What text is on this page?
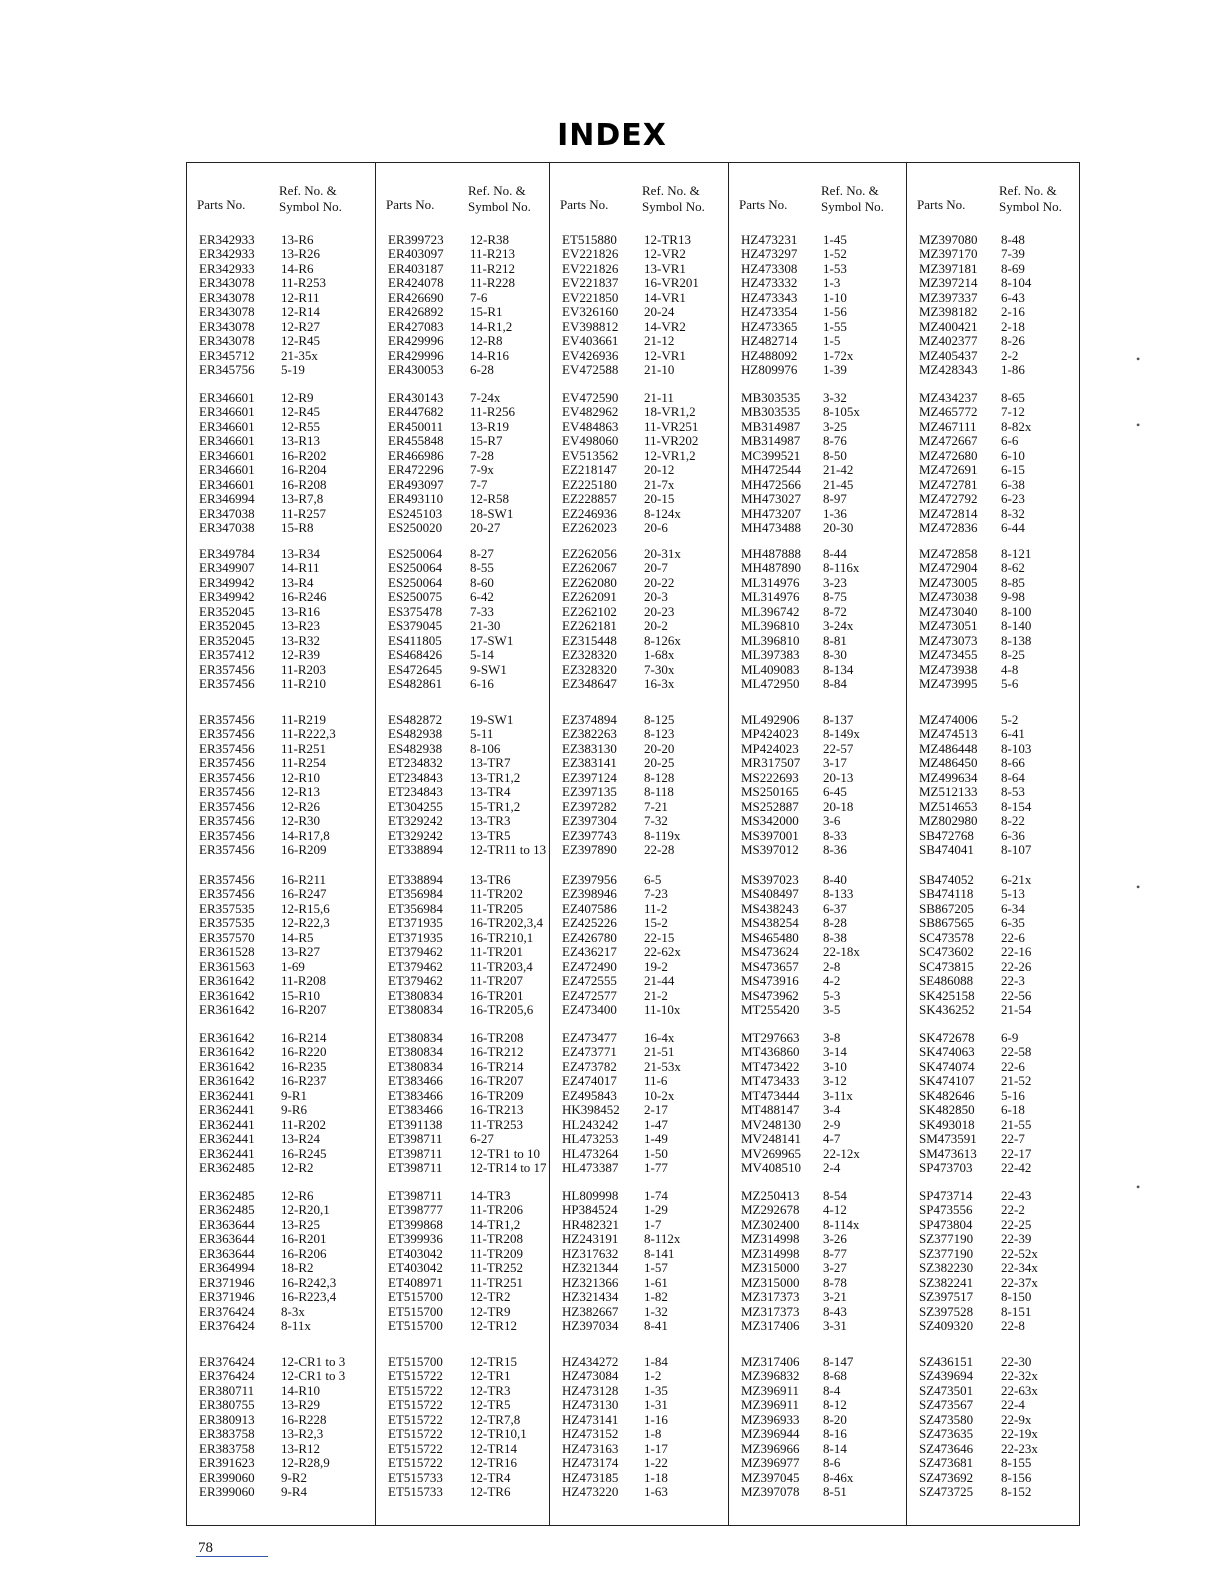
INDEX
Parts No.
Ref. No. &
Symbol No.
ER342933 13-R6
ER342933 13-R26
ER342933 14-R6
ER343078 11-R253
ER343078 12-R11
ER343078 12-R14
ER343078 12-R27
ER343078 12-R45
ER345712 21-35x
ER345756 5-19
ER346601 12-R9
ER346601 12-R45
ER346601 12-R55
ER346601 13-R13
ER346601 16-R202
ER346601 16-R204
ER346601 16-R208
ER346994 13-R7,8
ER347038 11-R257
ER347038 15-R8
ER349784 13-R34
ER349907 14-R11
ER349942 13-R4
ER349942 16-R246
ER352045 13-R16
ER352045 13-R23
ER352045 13-R32
ER357412 12-R39
ER357456 11-R203
ER357456 11-R210
ER357456 11-R219
ER357456 11-R222,3
ER357456 11-R251
ER357456 11-R254
ER357456 12-R10
ER357456 12-R13
ER357456 12-R26
ER357456 12-R30
ER357456 14-R17,8
ER357456 16-R209
ER357456 16-R211
ER357456 16-R247
ER357535 12-R15,6
ER357535 12-R22,3
ER357570 14-R5
ER361528 13-R27
ER361563 1-69
ER361642 11-R208
ER361642 15-R10
ER361642 16-R207
ER361642 16-R214
ER361642 16-R220
ER361642 16-R235
ER361642 16-R237
ER362441 9-R1
ER362441 9-R6
ER362441 11-R202
ER362441 13-R24
ER362441 16-R245
ER362485 12-R2
ER362485 12-R6
ER362485 12-R20,1
ER363644 13-R25
ER363644 16-R201
ER363644 16-R206
ER364994 18-R2
ER371946 16-R242,3
ER371946 16-R223,4
ER376424 8-3x
ER376424 8-11x
ER376424 12-CR1 to 3
ER376424 12-CR1 to 3
ER380711 14-R10
ER380755 13-R29
ER380913 16-R228
ER383758 13-R2,3
ER383758 13-R12
ER391623 12-R28,9
ER399060 9-R2
ER399060 9-R4
Parts No.
Ref. No. &
Symbol No.
ER399723 12-R38
ER403097 11-R213
ER403187 11-R212
ER424078 11-R228
ER426690 7-6
ER426892 15-R1
ER427083 14-R1,2
ER429996 12-R8
ER429996 14-R16
ER430053 6-28
ER430143 7-24x
ER447682 11-R256
ER450011 13-R19
ER455848 15-R7
ER466986 7-28
ER472296 7-9x
ER493097 7-7
ER493110 12-R58
ES245103 18-SW1
ES250020 20-27
ES250064 8-27
ES250064 8-55
ES250064 8-60
ES250075 6-42
ES375478 7-33
ES379045 21-30
ES411805 17-SW1
ES468426 5-14
ES472645 9-SW1
ES482861 6-16
ES482872 19-SW1
ES482938 5-11
ES482938 8-106
ET234832 13-TR7
ET234843 13-TR1,2
ET234843 13-TR4
ET304255 15-TR1,2
ET329242 13-TR3
ET329242 13-TR5
ET338894 12-TR11 to 13
ET338894 13-TR6
ET356984 11-TR202
ET356984 11-TR205
ET371935 16-TR202,3,4
ET371935 16-TR210,1
ET379462 11-TR201
ET379462 11-TR203,4
ET379462 11-TR207
ET380834 16-TR201
ET380834 16-TR205,6
ET380834 16-TR208
ET380834 16-TR212
ET380834 16-TR214
ET383466 16-TR207
ET383466 16-TR209
ET383466 16-TR213
ET391138 11-TR253
ET398711 6-27
ET398711 12-TR1 to 10
ET398711 12-TR14 to 17
ET398711 14-TR3
ET398777 11-TR206
ET399868 14-TR1,2
ET399936 11-TR208
ET403042 11-TR209
ET403042 11-TR252
ET408971 11-TR251
ET515700 12-TR2
ET515700 12-TR9
ET515700 12-TR12
ET515700 12-TR15
ET515722 12-TR1
ET515722 12-TR3
ET515722 12-TR5
ET515722 12-TR7,8
ET515722 12-TR10,1
ET515722 12-TR14
ET515722 12-TR16
ET515733 12-TR4
ET515733 12-TR6
Parts No.
Ref. No. &
Symbol No.
ET515880 12-TR13
EV221826 12-VR2
EV221826 13-VR1
EV221837 16-VR201
EV221850 14-VR1
EV326160 20-24
EV398812 14-VR2
EV403661 21-12
EV426936 12-VR1
EV472588 21-10
EV472590 21-11
EV482962 18-VR1,2
EV484863 11-VR251
EV498060 11-VR202
EV513562 12-VR1,2
EZ218147 20-12
EZ225180 21-7x
EZ228857 20-15
EZ246936 8-124x
EZ262023 20-6
EZ262056 20-31x
EZ262067 20-7
EZ262080 20-22
EZ262091 20-3
EZ262102 20-23
EZ262181 20-2
EZ315448 8-126x
EZ328320 1-68x
EZ328320 7-30x
EZ348647 16-3x
EZ374894 8-125
EZ382263 8-123
EZ383130 20-20
EZ383141 20-25
EZ397124 8-128
EZ397135 8-118
EZ397282 7-21
EZ397304 7-32
EZ397743 8-119x
EZ397890 22-28
EZ397956 6-5
EZ398946 7-23
EZ407586 11-2
EZ425226 15-2
EZ426780 22-15
EZ436217 22-62x
EZ472490 19-2
EZ472555 21-44
EZ472577 21-2
EZ473400 11-10x
EZ473477 16-4x
EZ473771 21-51
EZ473782 21-53x
EZ474017 11-6
EZ495843 10-2x
HK398452 2-17
HL243242 1-47
HL473253 1-49
HL473264 1-50
HL473387 1-77
HL809998 1-74
HP384524 1-29
HR482321 1-7
HZ243191 8-112x
HZ317632 8-141
HZ321344 1-57
HZ321366 1-61
HZ321434 1-82
HZ382667 1-32
HZ397034 8-41
HZ434272 1-84
HZ473084 1-2
HZ473128 1-35
HZ473130 1-31
HZ473141 1-16
HZ473152 1-8
HZ473163 1-17
HZ473174 1-22
HZ473185 1-18
HZ473220 1-63
Parts No.
Ref. No. &
Symbol No.
HZ473231 1-45
HZ473297 1-52
HZ473308 1-53
HZ473332 1-3
HZ473343 1-10
HZ473354 1-56
HZ473365 1-55
HZ482714 1-5
HZ488092 1-72x
HZ809976 1-39
MB303535 3-32
MB303535 8-105x
MB314987 3-25
MB314987 8-76
MC399521 8-50
MH472544 21-42
MH472566 21-45
MH473027 8-97
MH473207 1-36
MH473488 20-30
MH487888 8-44
MH487890 8-116x
ML314976 3-23
ML314976 8-75
ML396742 8-72
ML396810 3-24x
ML396810 8-81
ML397383 8-30
ML409083 8-134
ML472950 8-84
ML492906 8-137
MP424023 8-149x
MP424023 22-57
MR317507 3-17
MS222693 20-13
MS250165 6-45
MS252887 20-18
MS342000 3-6
MS397001 8-33
MS397012 8-36
MS397023 8-40
MS408497 8-133
MS438243 6-37
MS438254 8-28
MS465480 8-38
MS473624 22-18x
MS473657 2-8
MS473916 4-2
MS473962 5-3
MT255420 3-5
MT297663 3-8
MT436860 3-14
MT473422 3-10
MT473433 3-12
MT473444 3-11x
MT488147 3-4
MV248130 2-9
MV248141 4-7
MV269965 22-12x
MV408510 2-4
MZ250413 8-54
MZ292678 4-12
MZ302400 8-114x
MZ314998 3-26
MZ314998 8-77
MZ315000 3-27
MZ315000 8-78
MZ317373 3-21
MZ317373 8-43
MZ317406 3-31
MZ317406 8-147
MZ396832 8-68
MZ396911 8-4
MZ396911 8-12
MZ396933 8-20
MZ396944 8-16
MZ396966 8-14
MZ396977 8-6
MZ397045 8-46x
MZ397078 8-51
Parts No.
Ref. No. &
Symbol No.
MZ397080 8-48
MZ397170 7-39
MZ397181 8-69
MZ397214 8-104
MZ397337 6-43
MZ398182 2-16
MZ400421 2-18
MZ402377 8-26
MZ405437 2-2
MZ428343 1-86
MZ434237 8-65
MZ465772 7-12
MZ467111 8-82x
MZ472667 6-6
MZ472680 6-10
MZ472691 6-15
MZ472781 6-38
MZ472792 6-23
MZ472814 8-32
MZ472836 6-44
MZ472858 8-121
MZ472904 8-62
MZ473005 8-85
MZ473038 9-98
MZ473040 8-100
MZ473051 8-140
MZ473073 8-138
MZ473455 8-25
MZ473938 4-8
MZ473995 5-6
MZ474006 5-2
MZ474513 6-41
MZ486448 8-103
MZ486450 8-66
MZ499634 8-64
MZ512133 8-53
MZ514653 8-154
MZ802980 8-22
SB472768 6-36
SB474041 8-107
SB474052 6-21x
SB474118 5-13
SB867205 6-34
SB867565 6-35
SC473578 22-6
SC473602 22-16
SC473815 22-26
SE486088 22-3
SK425158 22-56
SK436252 21-54
SK472678 6-9
SK474063 22-58
SK474074 22-6
SK474107 21-52
SK482646 5-16
SK482850 6-18
SK493018 21-55
SM473591 22-7
SM473613 22-17
SP473703 22-42
SP473714 22-43
SP473556 22-2
SP473804 22-25
SZ377190 22-39
SZ377190 22-52x
SZ382230 22-34x
SZ382241 22-37x
SZ397517 8-150
SZ397528 8-151
SZ409320 22-8
SZ436151 22-30
SZ439694 22-32x
SZ473501 22-63x
SZ473567 22-4
SZ473580 22-9x
SZ473635 22-19x
SZ473646 22-23x
SZ473681 8-155
SZ473692 8-156
SZ473725 8-152
•
•
•
•
78
